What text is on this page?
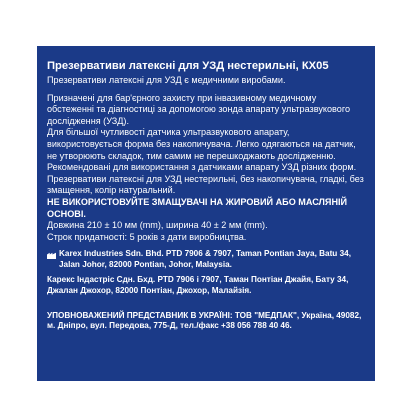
Презервативи латексні для УЗД нестерильні, КХ05

Презервативи латексні для УЗД є медичними виробами.

Призначені для бар'єрного захисту при інвазивному медичному обстеженні та діагностиці за допомогою зонда апарату ультразвукового дослідження (УЗД).

Для більшої чутливості датчика ультразвукового апарату, використовується форма без накопичувача. Легко одягаються на датчик, не утворюють складок, тим самим не перешкоджають дослідженню.

Рекомендовані для використання з датчиками апарату УЗД різних форм.

Презервативи латексні для УЗД нестерильні, без накопичувача, гладкі, без змащення, колір натуральний.

НЕ ВИКОРИСТОВУЙТЕ ЗМАЩУВАЧІ НА ЖИРОВИЙ АБО МАСЛЯНІЙ ОСНОВІ.

Довжина 210 ± 10 мм (mm), ширина 40 ± 2 мм (mm).

Строк придатності: 5 років з дати виробництва.

Karex Industries Sdn. Bhd. PTD 7906 & 7907, Taman Pontian Jaya, Batu 34, Jalan Johor, 82000 Pontian, Johor, Malaysia.

Карекс Індастріс Сдн. Бхд. PTD 7906 і 7907, Таман Понтіан Джайя, Бату 34, Джалан Джохор, 82000 Понтіан, Джохор, Малайзія.

УПОВНОВАЖЕНИЙ ПРЕДСТАВНИК В УКРАЇНІ: ТОВ "МЕДПАК", Україна, 49082, м. Дніпро, вул. Передова, 775-Д, тел./факс +38 056 788 40 46.
